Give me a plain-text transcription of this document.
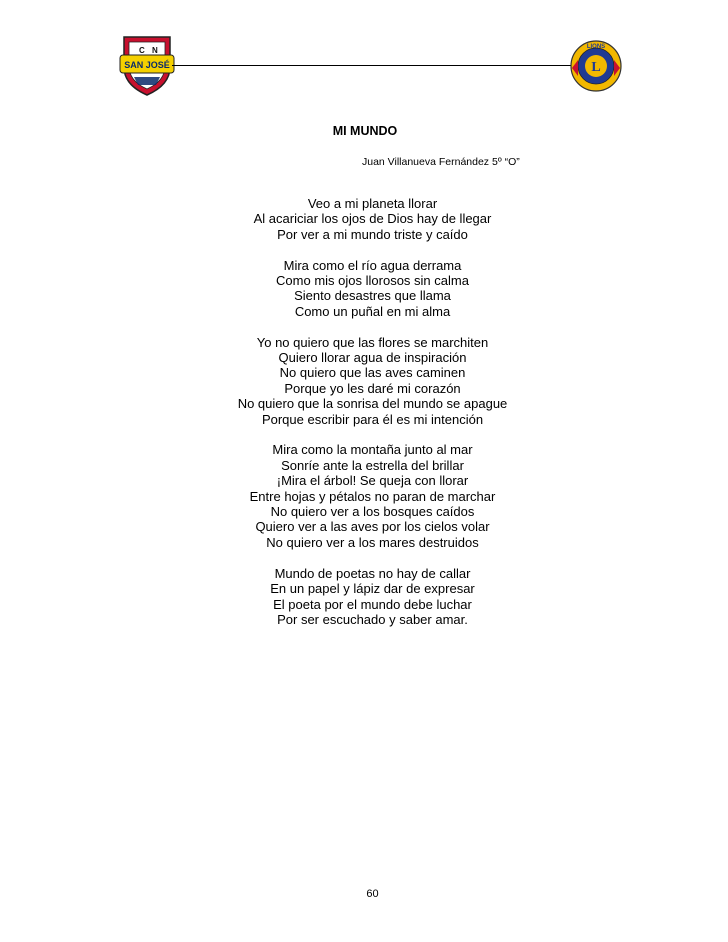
C N
SAN JOSÉ	L
LIONS
MI MUNDO
Juan Villanueva Fernández 5º “O”
Veo a mi planeta llorar
Al acariciar los ojos de Dios hay de llegar
Por ver a mi mundo triste y caído
Mira como el río agua derrama
Como mis ojos llorosos sin calma
Siento desastres que llama
Como un puñal en mi alma
Yo no quiero que las flores se marchiten
Quiero llorar agua de inspiración
No quiero que las aves caminen
Porque yo les daré mi corazón
No quiero que la sonrisa del mundo se apague
Porque escribir para él es mi intención
Mira como la montaña junto al mar
Sonríe ante la estrella del brillar
¡Mira el árbol! Se queja con llorar
Entre hojas y pétalos no paran de marchar
No quiero ver a los bosques caídos
Quiero ver a las aves por los cielos volar
No quiero ver a los mares destruidos
Mundo de poetas no hay de callar
En un papel y lápiz dar de expresar
El poeta por el mundo debe luchar
Por ser escuchado y saber amar.
60
